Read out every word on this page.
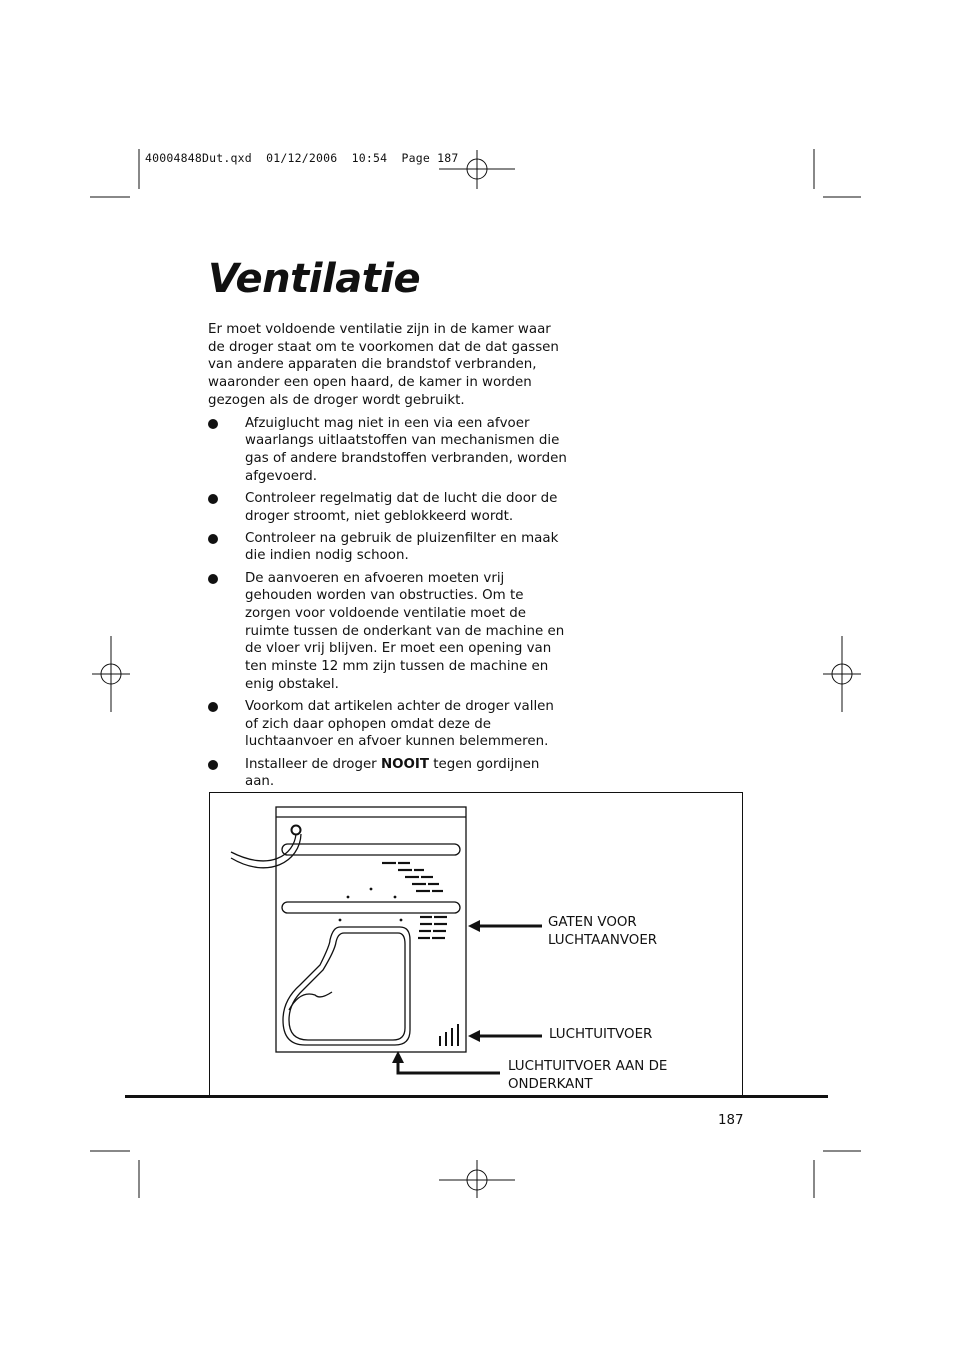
40004848Dut.qxd  01/12/2006  10:54  Page 187
Ventilatie

Er moet voldoende ventilatie zijn in de kamer waar de droger staat om te voorkomen dat de dat gassen van andere apparaten die brandstof verbranden, waaronder een open haard, de kamer in worden gezogen als de droger wordt gebruikt.

Afzuiglucht mag niet in een via een afvoer waarlangs uitlaatstoffen van mechanismen die gas of andere brandstoffen verbranden, worden afgevoerd.
Controleer regelmatig dat de lucht die door de droger stroomt, niet geblokkeerd wordt.
Controleer na gebruik de pluizenfilter en maak die indien nodig schoon.
De aanvoeren en afvoeren moeten vrij gehouden worden van obstructies. Om te zorgen voor voldoende ventilatie moet de ruimte tussen de onderkant van de machine en de vloer vrij blijven. Er moet een opening van ten minste 12 mm zijn tussen de machine en enig obstakel.
Voorkom dat artikelen achter de droger vallen of zich daar ophopen omdat deze de luchtaanvoer en afvoer kunnen belemmeren.
Installeer de droger NOOIT tegen gordijnen aan.
GATEN VOOR
LUCHTAANVOER
LUCHTUITVOER
LUCHTUITVOER AAN DE
ONDERKANT
187
